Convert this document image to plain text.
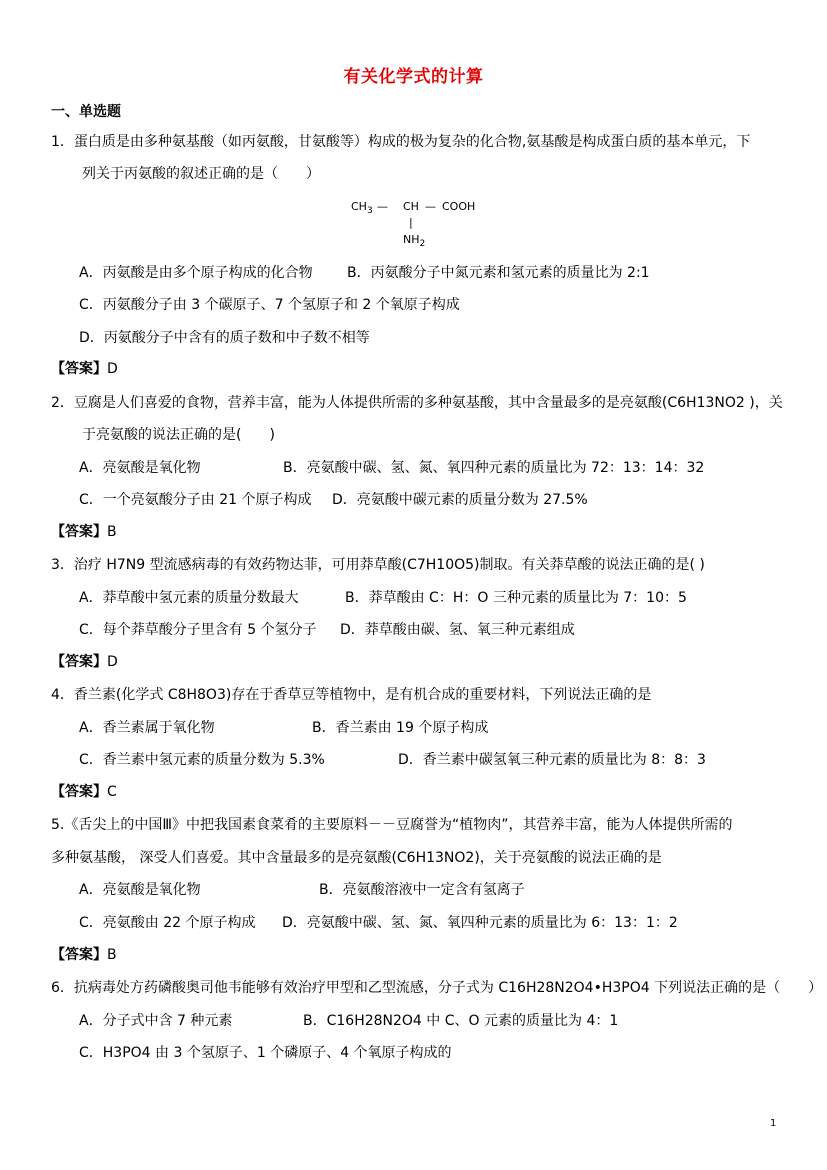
有关化学式的计算
一、单选题
1．蛋白质是由多种氨基酸（如丙氨酸，甘氨酸等）构成的极为复杂的化合物,氨基酸是构成蛋白质的基本单元，下
列关于丙氨酸的叙述正确的是（　　）
$CH_3$ — CH — COOH
|
$NH_2$
A．丙氨酸是由多个原子构成的化合物 B．丙氨酸分子中氮元素和氢元素的质量比为 2:1
C．丙氨酸分子由 3 个碳原子、7 个氢原子和 2 个氧原子构成
D．丙氨酸分子中含有的质子数和中子数不相等
【答案】D
2．豆腐是人们喜爱的食物，营养丰富，能为人体提供所需的多种氨基酸，其中含量最多的是亮氨酸(C6H13NO2 )，关
于亮氨酸的说法正确的是(　　)
A．亮氨酸是氧化物	B．亮氨酸中碳、氢、氮、氧四种元素的质量比为 72：13：14：32
C．一个亮氨酸分子由 21 个原子构成 D．亮氨酸中碳元素的质量分数为 27.5%
【答案】B
3．治疗 H7N9 型流感病毒的有效药物达菲，可用莽草酸(C7H10O5)制取。有关莽草酸的说法正确的是( )
A．莽草酸中氢元素的质量分数最大	B．莽草酸由 C：H：O 三种元素的质量比为 7：10：5
C．每个莽草酸分子里含有 5 个氢分子 D．莽草酸由碳、氢、氧三种元素组成
【答案】D
4．香兰素(化学式 C8H8O3)存在于香草豆等植物中，是有机合成的重要材料，下列说法正确的是
A．香兰素属于氧化物	B．香兰素由 19 个原子构成
C．香兰素中氢元素的质量分数为 5.3%	D．香兰素中碳氢氧三种元素的质量比为 8：8：3
【答案】C
5.《舌尖上的中国Ⅲ》中把我国素食菜肴的主要原料－－豆腐誉为“植物肉”，其营养丰富，能为人体提供所需的
多种氨基酸， 深受人们喜爱。其中含量最多的是亮氨酸(C6H13NO2)，关于亮氨酸的说法正确的是
A．亮氨酸是氧化物	B．亮氨酸溶液中一定含有氢离子
C．亮氨酸由 22 个原子构成 D．亮氨酸中碳、氢、氮、氧四种元素的质量比为 6：13：1：2
【答案】B
6．抗病毒处方药磷酸奥司他韦能够有效治疗甲型和乙型流感，分子式为 C16H28N2O4•H3PO4 下列说法正确的是（　　）
A．分子式中含 7 种元素	B．C16H28N2O4 中 C、O 元素的质量比为 4：1
C．H3PO4 由 3 个氢原子、1 个磷原子、4 个氧原子构成的
1
